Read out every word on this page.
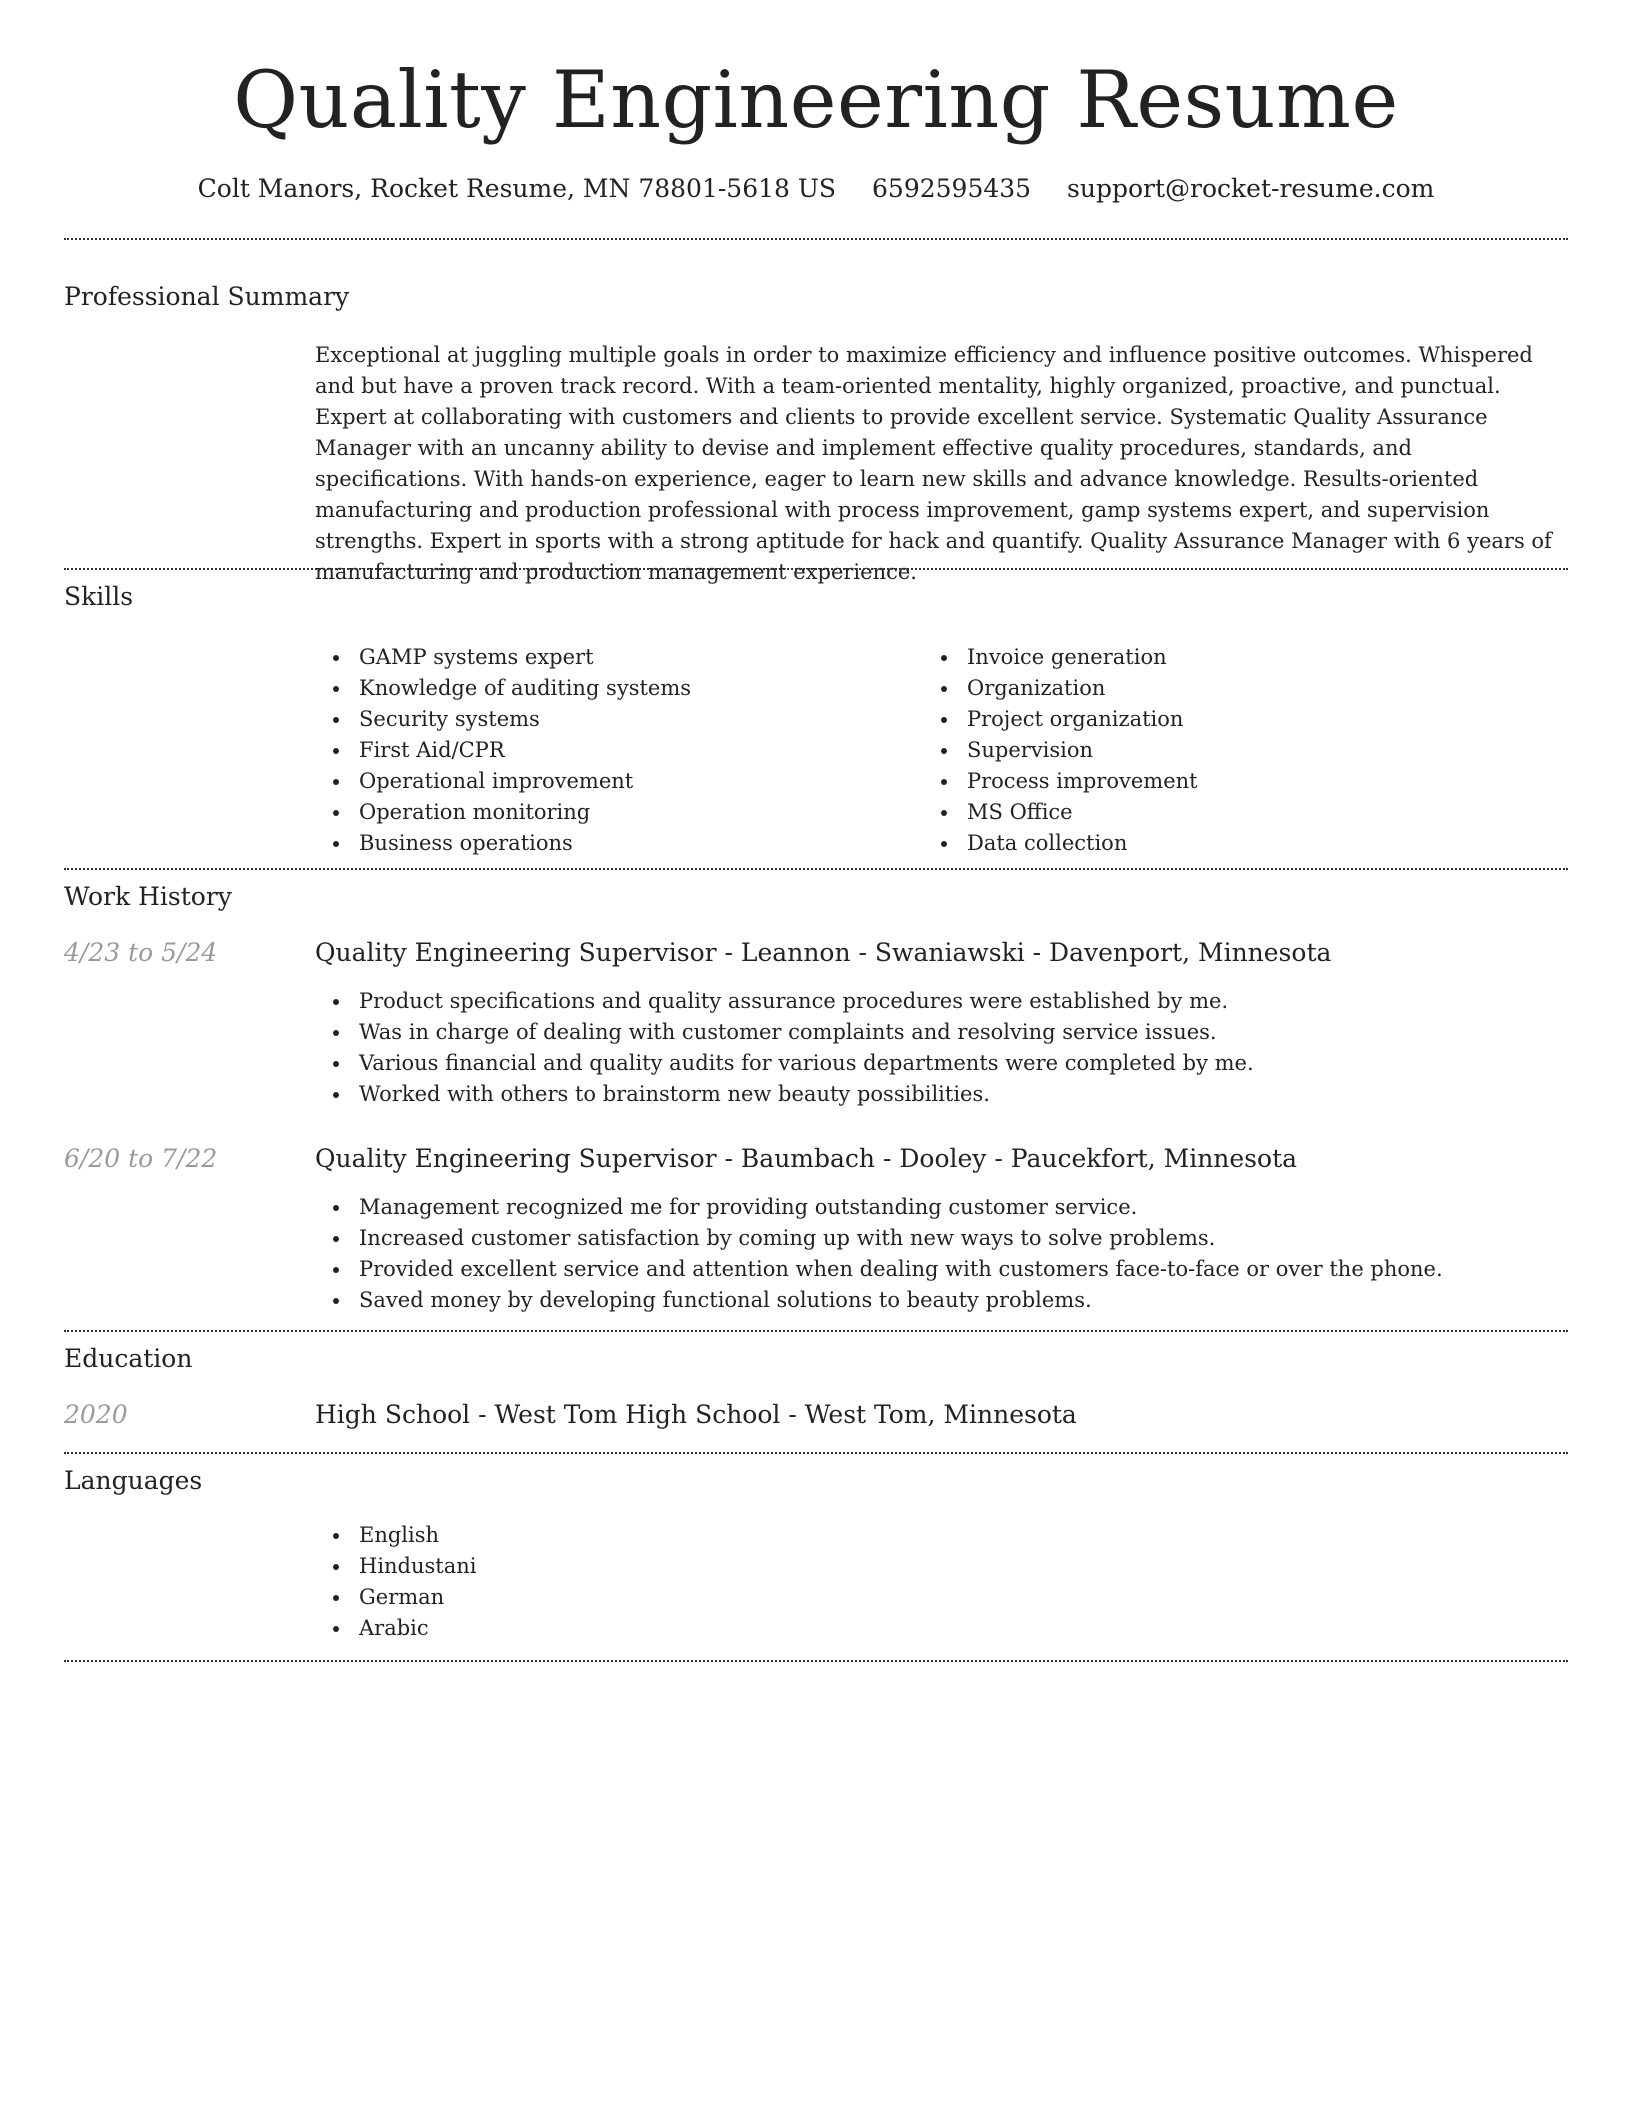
Quality Engineering Resume
Colt Manors, Rocket Resume, MN 78801-5618 US 6592595435 support@rocket-resume.com
Professional Summary

Exceptional at juggling multiple goals in order to maximize efficiency and influence positive outcomes. Whispered and but have a proven track record. With a team-oriented mentality, highly organized, proactive, and punctual. Expert at collaborating with customers and clients to provide excellent service. Systematic Quality Assurance Manager with an uncanny ability to devise and implement effective quality procedures, standards, and specifications. With hands-on experience, eager to learn new skills and advance knowledge. Results-oriented manufacturing and production professional with process improvement, gamp systems expert, and supervision strengths. Expert in sports with a strong aptitude for hack and quantify. Quality Assurance Manager with 6 years of manufacturing and production management experience.

Skills
GAMP systems expert
Knowledge of auditing systems
Security systems
First Aid/CPR
Operational improvement
Operation monitoring
Business operations
Invoice generation
Organization
Project organization
Supervision
Process improvement
MS Office
Data collection
Work History
4/23 to 5/24	Quality Engineering Supervisor - Leannon - Swaniawski - Davenport, Minnesota
Product specifications and quality assurance procedures were established by me.
Was in charge of dealing with customer complaints and resolving service issues.
Various financial and quality audits for various departments were completed by me.
Worked with others to brainstorm new beauty possibilities.
6/20 to 7/22	Quality Engineering Supervisor - Baumbach - Dooley - Paucekfort, Minnesota
Management recognized me for providing outstanding customer service.
Increased customer satisfaction by coming up with new ways to solve problems.
Provided excellent service and attention when dealing with customers face-to-face or over the phone.
Saved money by developing functional solutions to beauty problems.
Education
2020	High School - West Tom High School - West Tom, Minnesota
Languages
English
Hindustani
German
Arabic
